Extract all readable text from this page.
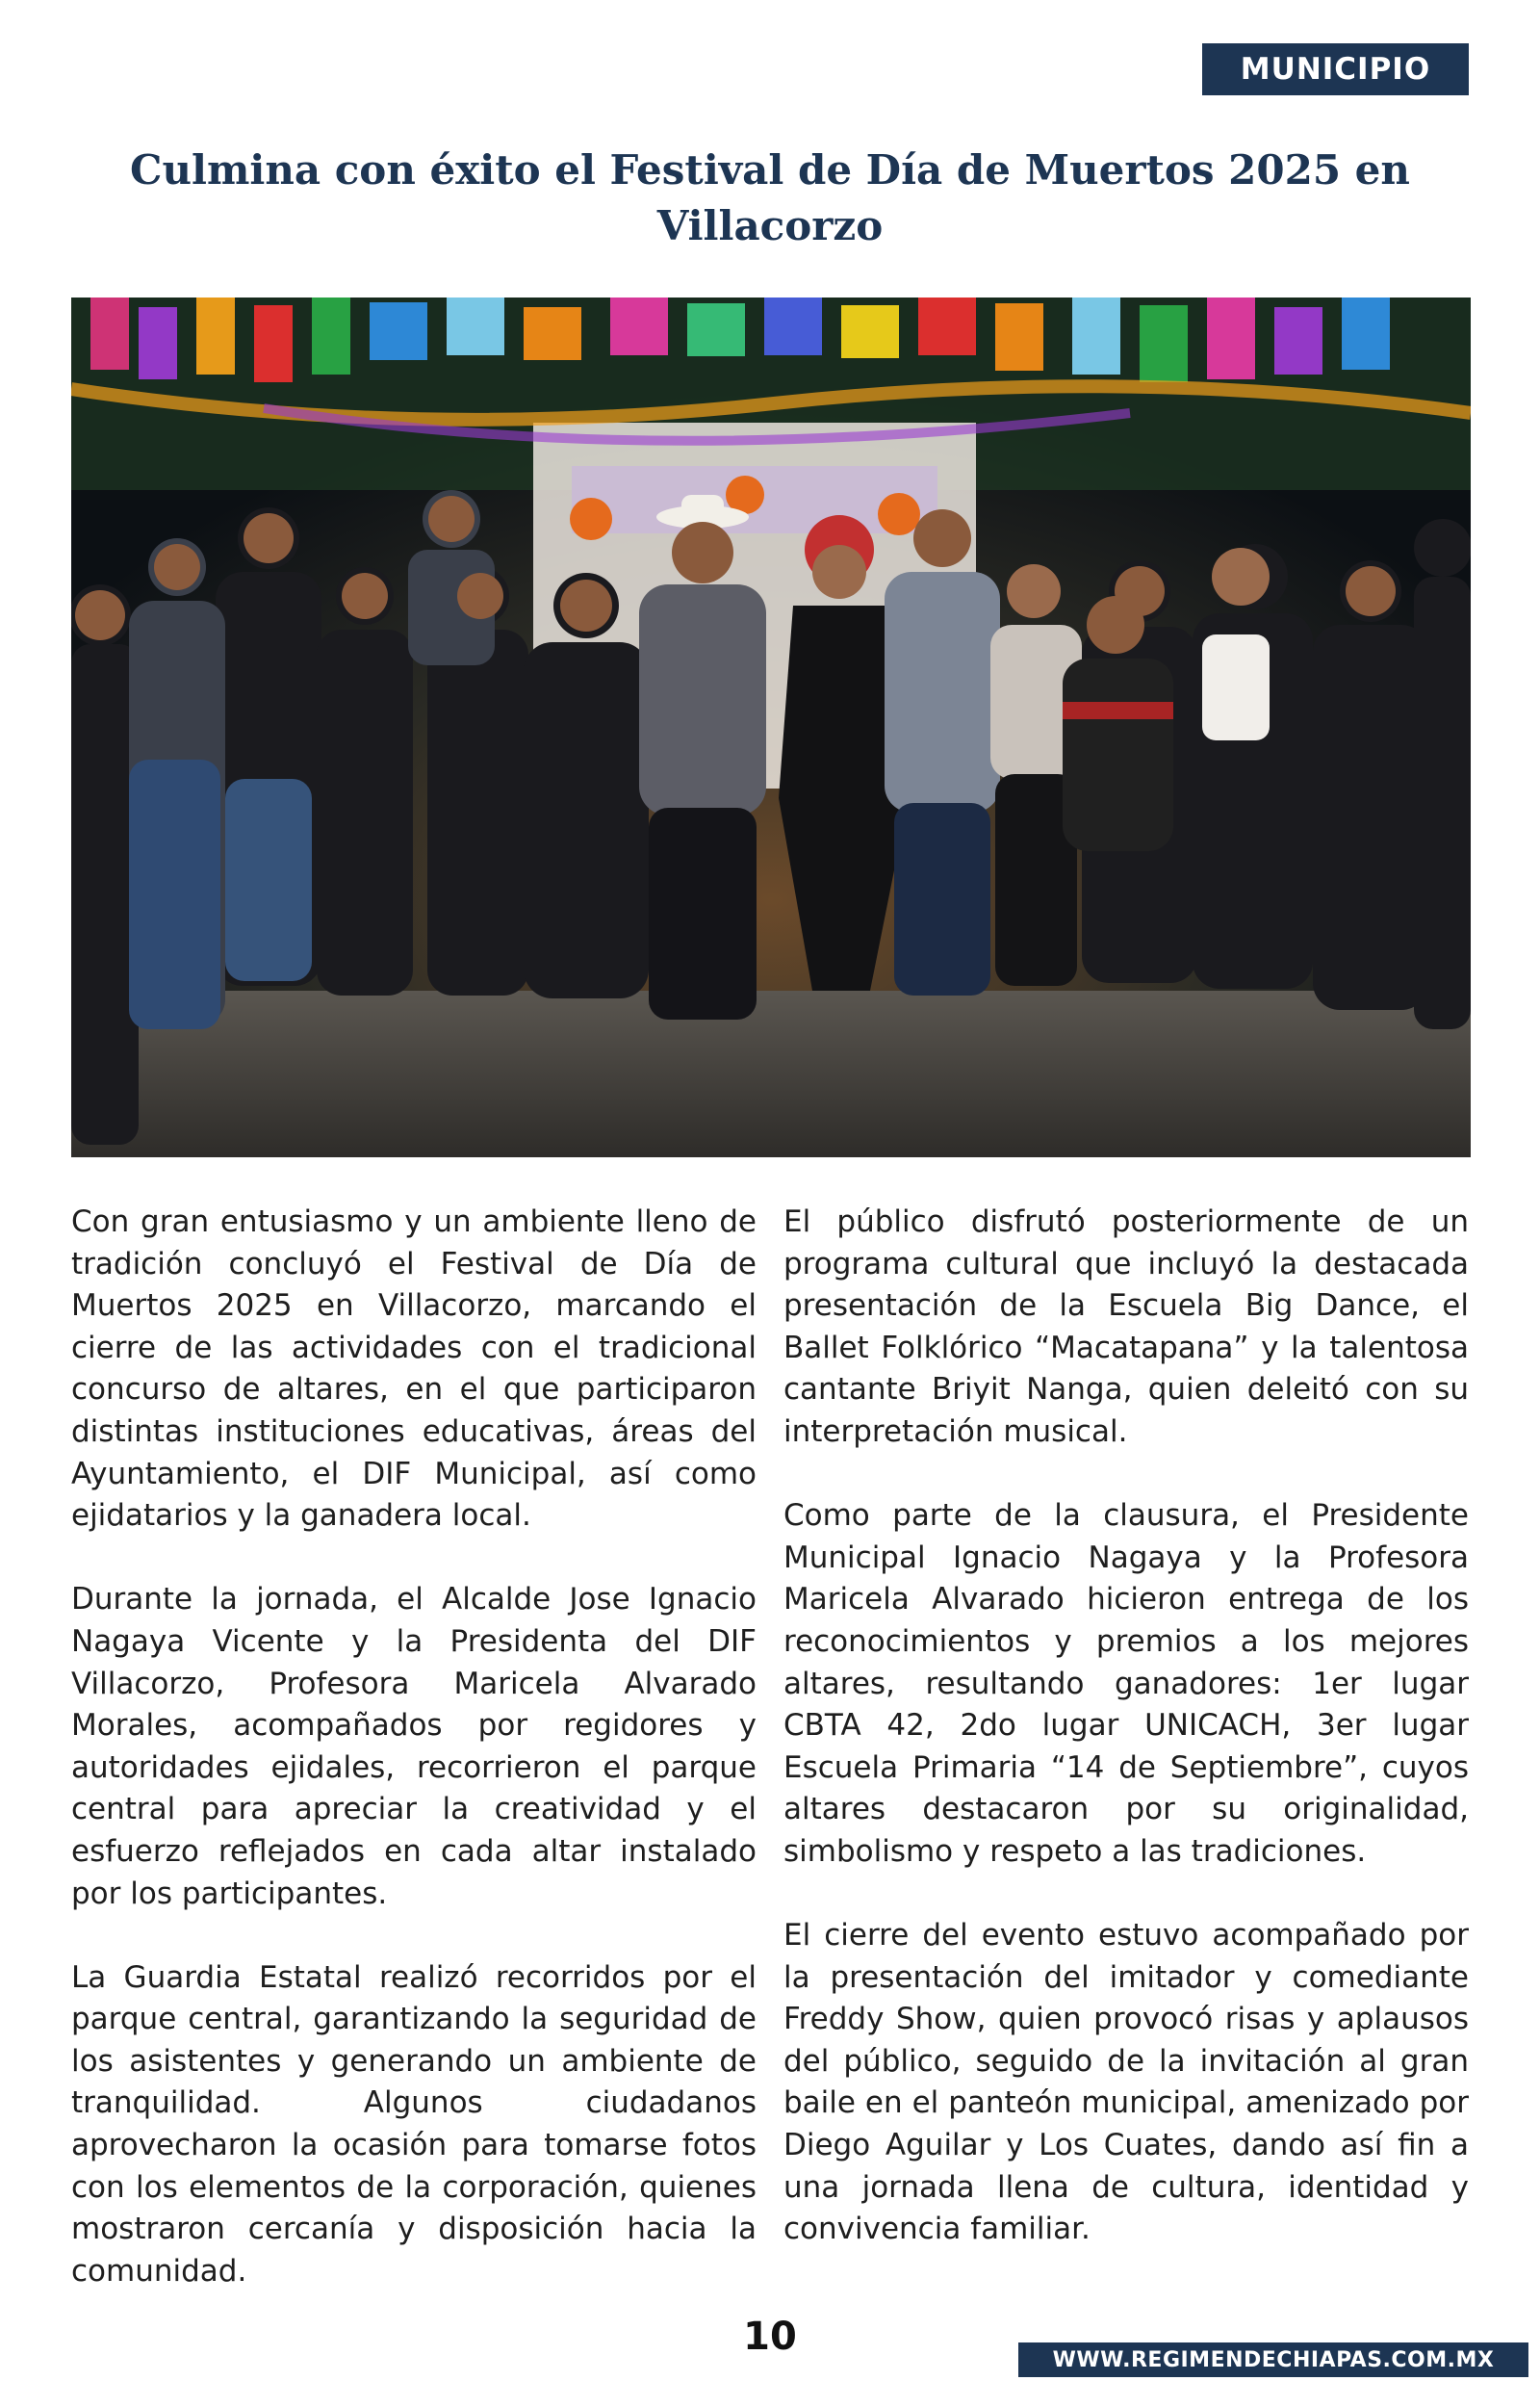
MUNICIPIO
Culmina con éxito el Festival de Día de Muertos 2025 en Villacorzo

Con gran entusiasmo y un ambiente lleno de tradición concluyó el Festival de Día de Muertos 2025 en Villacorzo, marcando el cierre de las actividades con el tradicional concurso de altares, en el que participaron distintas instituciones educativas, áreas del Ayuntamiento, el DIF Municipal, así como ejidatarios y la ganadera local.

Durante la jornada, el Alcalde Jose Ignacio Nagaya Vicente y la Presidenta del DIF Villacorzo, Profesora Maricela Alvarado Morales, acompañados por regidores y autoridades ejidales, recorrieron el parque central para apreciar la creatividad y el esfuerzo reflejados en cada altar instalado por los participantes.

La Guardia Estatal realizó recorridos por el parque central, garantizando la seguridad de los asistentes y generando un ambiente de tranquilidad. Algunos ciudadanos aprovecharon la ocasión para tomarse fotos con los elementos de la corporación, quienes mostraron cercanía y disposición hacia la comunidad.

El público disfrutó posteriormente de un programa cultural que incluyó la destacada presentación de la Escuela Big Dance, el Ballet Folklórico “Macatapana” y la talentosa cantante Briyit Nanga, quien deleitó con su interpretación musical.

Como parte de la clausura, el Presidente Municipal Ignacio Nagaya y la Profesora Maricela Alvarado hicieron entrega de los reconocimientos y premios a los mejores altares, resultando ganadores: 1er lugar CBTA 42, 2do lugar UNICACH, 3er lugar Escuela Primaria “14 de Septiembre”, cuyos altares destacaron por su originalidad, simbolismo y respeto a las tradiciones.

El cierre del evento estuvo acompañado por la presentación del imitador y comediante Freddy Show, quien provocó risas y aplausos del público, seguido de la invitación al gran baile en el panteón municipal, amenizado por Diego Aguilar y Los Cuates, dando así fin a una jornada llena de cultura, identidad y convivencia familiar.

10
WWW.REGIMENDECHIAPAS.COM.MX
